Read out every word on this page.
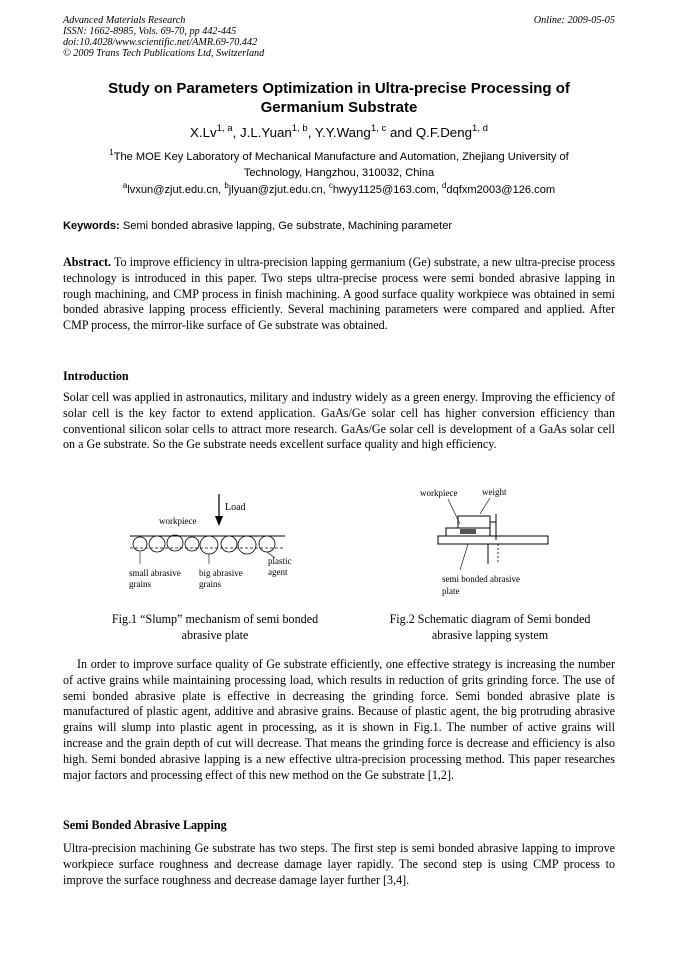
Advanced Materials Research
ISSN: 1662-8985, Vols. 69-70, pp 442-445
doi:10.4028/www.scientific.net/AMR.69-70.442
© 2009 Trans Tech Publications Ltd, Switzerland
Online: 2009-05-05
Study on Parameters Optimization in Ultra-precise Processing of
Germanium Substrate
X.Lv$^{1, a}$, J.L.Yuan$^{1, b}$, Y.Y.Wang$^{1, c}$ and Q.F.Deng$^{1, d}$
$^1$The MOE Key Laboratory of Mechanical Manufacture and Automation, Zhejiang University of
Technology, Hangzhou, 310032, China
$^a$lvxun@zjut.edu.cn, $^b$jlyuan@zjut.edu.cn, $^c$hwyy1125@163.com, $^d$dqfxm2003@126.com
Keywords: Semi bonded abrasive lapping, Ge substrate, Machining parameter

Abstract. To improve efficiency in ultra-precision lapping germanium (Ge) substrate, a new ultra-precise process technology is introduced in this paper. Two steps ultra-precise process were semi bonded abrasive lapping in rough machining, and CMP process in finish machining. A good surface quality workpiece was obtained in semi bonded abrasive lapping process efficiently. Several machining parameters were compared and applied. After CMP process, the mirror-like surface of Ge substrate was obtained.

Introduction

Solar cell was applied in astronautics, military and industry widely as a green energy. Improving the efficiency of solar cell is the key factor to extend application. GaAs/Ge solar cell has higher conversion efficiency than conventional silicon solar cells to attract more research. GaAs/Ge solar cell is development of a GaAs solar cell on a Ge substrate. So the Ge substrate needs excellent surface quality and high efficiency.

Load
workpiece
small abrasive
grains
big abrasive
grains
plastic
agent
workpiece	weight
semi bonded abrasive
plate
Fig.1 “Slump” mechanism of semi bonded
abrasive plate
Fig.2 Schematic diagram of Semi bonded
abrasive lapping system

In order to improve surface quality of Ge substrate efficiently, one effective strategy is increasing the number of active grains while maintaining processing load, which results in reduction of grits grinding force. The use of semi bonded abrasive plate is effective in decreasing the grinding force. Semi bonded abrasive plate is manufactured of plastic agent, additive and abrasive grains. Because of plastic agent, the big protruding abrasive grains will slump into plastic agent in processing, as it is shown in Fig.1. The number of active grains will increase and the grain depth of cut will decrease. That means the grinding force is decrease and efficiency is also high. Semi bonded abrasive lapping is a new effective ultra-precision processing method. This paper researches major factors and processing effect of this new method on the Ge substrate [1,2].

Semi Bonded Abrasive Lapping

Ultra-precision machining Ge substrate has two steps. The first step is semi bonded abrasive lapping to improve workpiece surface roughness and decrease damage layer rapidly. The second step is using CMP process to improve the surface roughness and decrease damage layer further [3,4].
